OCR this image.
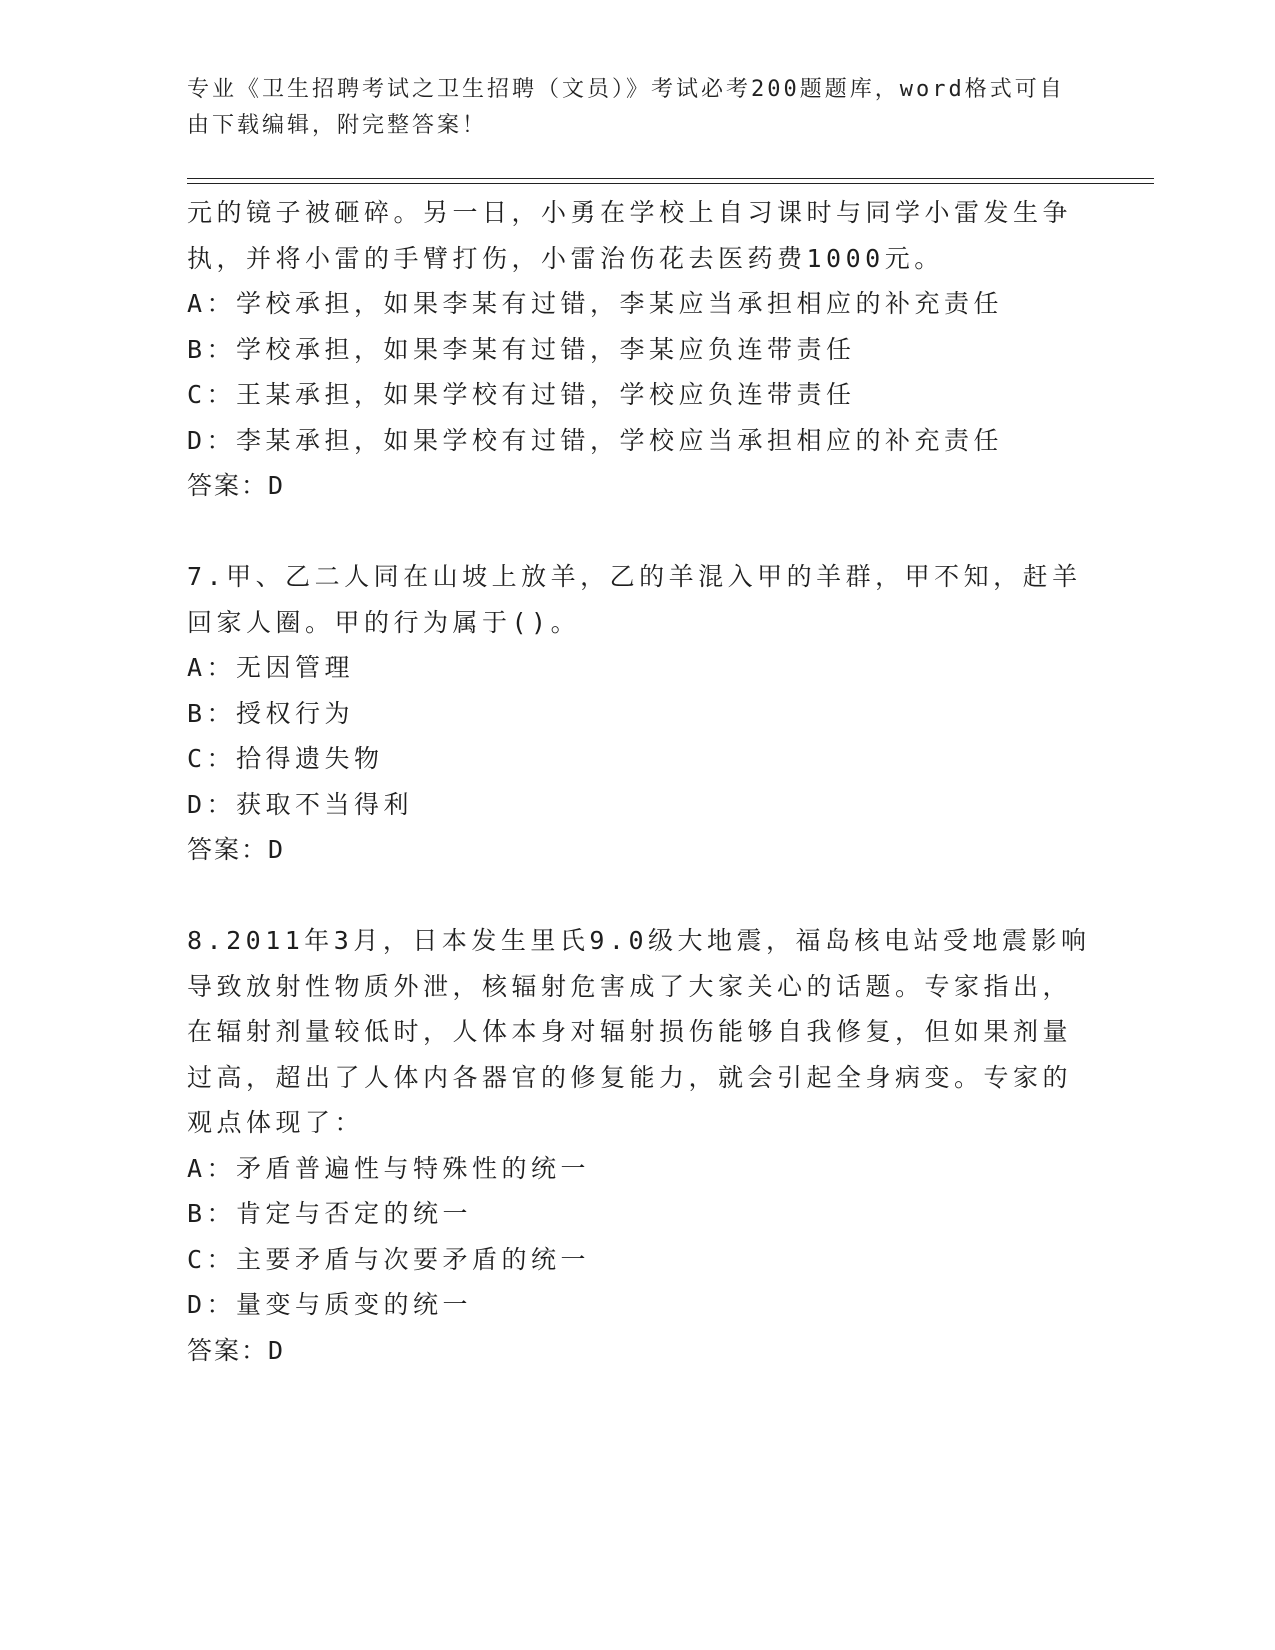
专业《卫生招聘考试之卫生招聘（文员）》考试必考200题题库，word格式可自
由下载编辑，附完整答案！
元的镜子被砸碎。另一日，小勇在学校上自习课时与同学小雷发生争
执，并将小雷的手臂打伤，小雷治伤花去医药费1000元。
A：学校承担，如果李某有过错，李某应当承担相应的补充责任
B：学校承担，如果李某有过错，李某应负连带责任
C：王某承担，如果学校有过错，学校应负连带责任
D：李某承担，如果学校有过错，学校应当承担相应的补充责任
答案：D
7.甲、乙二人同在山坡上放羊，乙的羊混入甲的羊群，甲不知，赶羊
回家人圈。甲的行为属于()。
A：无因管理
B：授权行为
C：拾得遗失物
D：获取不当得利
答案：D
8.2011年3月，日本发生里氏9.0级大地震，福岛核电站受地震影响
导致放射性物质外泄，核辐射危害成了大家关心的话题。专家指出，
在辐射剂量较低时，人体本身对辐射损伤能够自我修复，但如果剂量
过高，超出了人体内各器官的修复能力，就会引起全身病变。专家的
观点体现了：
A：矛盾普遍性与特殊性的统一
B：肯定与否定的统一
C：主要矛盾与次要矛盾的统一
D：量变与质变的统一
答案：D
